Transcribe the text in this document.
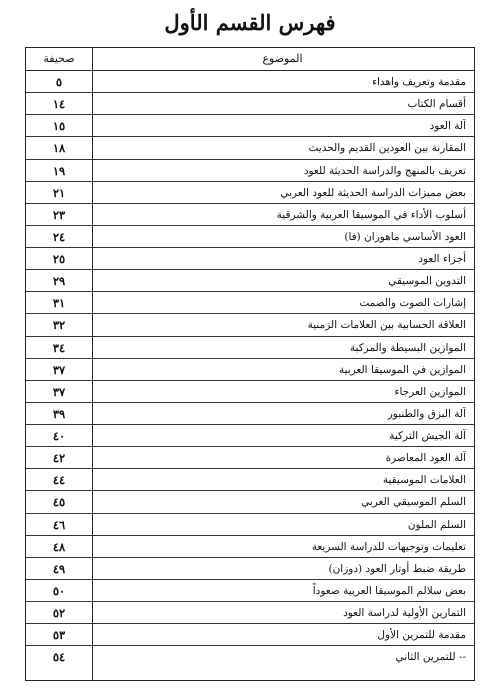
فهرس القسم الأول
الموضوع
صحيفة
مقدمة وتعريف واهداء
٥
أقسام الكتاب
١٤
آلة العود
١٥
المقارنة بين العودين القديم والحديث
١٨
تعريف بالمنهج والدراسة الحديثة للعود
١٩
بعض مميزات الدراسة الحديثة للعود العربي
٢١
أسلوب الأداء في الموسيقا العربية والشرقية
٢٣
العود الأساسي ماهوران (فا)
٢٤
أجزاء العود
٢٥
التدوين الموسيقي
٢٩
إشارات الصوت والصمت
٣١
العلاقة الحسابية بين العلامات الزمنية
٣٢
الموازين البسيطة والمركبة
٣٤
الموازين في الموسيقا العربية
٣٧
الموازين العرجاء
٣٧
آلة البزق والطنبور
٣٩
آلة الجيش التركية
٤٠
آلة العود المعاصرة
٤٢
العلامات الموسيقية
٤٤
السلم الموسيقي العربي
٤٥
السلم الملون
٤٦
تعليمات وتوجيهات للدراسة السريعة
٤٨
طريقة ضبط أوتار العود (دوزان)
٤٩
بعض سلالم الموسيقا العربية صعوداً
٥٠
التمارين الأولية لدراسة العود
٥٢
مقدمة للتمرين الأول
٥٣
-- للتمرين الثاني
٥٤
